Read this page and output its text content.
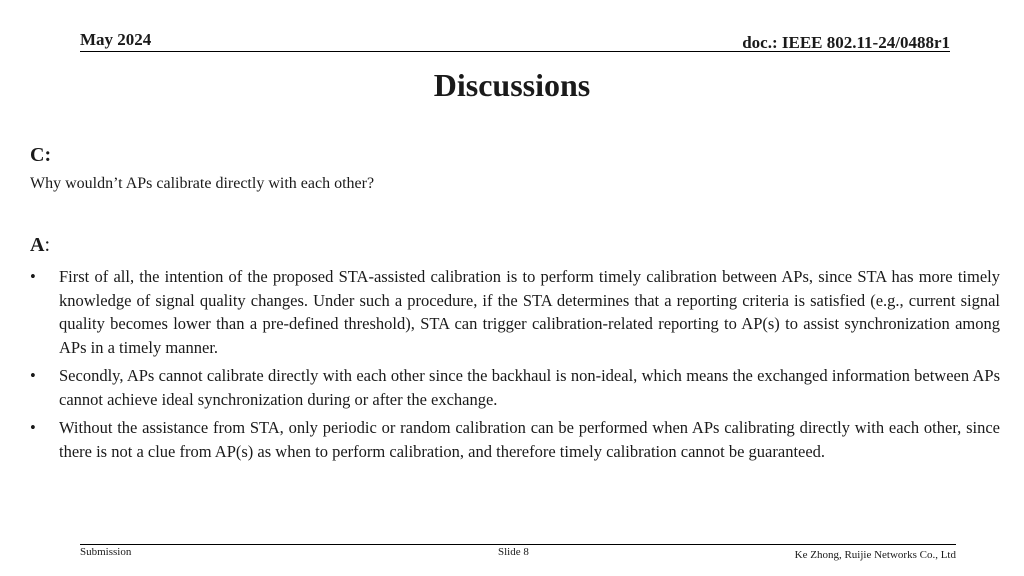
May 2024	doc.: IEEE 802.11-24/0488r1
Discussions
C:
Why wouldn’t APs calibrate directly with each other?
A:
• First of all, the intention of the proposed STA-assisted calibration is to perform timely calibration between APs, since STA has more timely knowledge of signal quality changes. Under such a procedure, if the STA determines that a reporting criteria is satisfied (e.g., current signal quality becomes lower than a pre-defined threshold), STA can trigger calibration-related reporting to AP(s) to assist synchronization among APs in a timely manner.
• Secondly, APs cannot calibrate directly with each other since the backhaul is non-ideal, which means the exchanged information between APs cannot achieve ideal synchronization during or after the exchange.
• Without the assistance from STA, only periodic or random calibration can be performed when APs calibrating directly with each other, since there is not a clue from AP(s) as when to perform calibration, and therefore timely calibration cannot be guaranteed.
Submission	Slide 8	Ke Zhong, Ruijie Networks Co., Ltd
